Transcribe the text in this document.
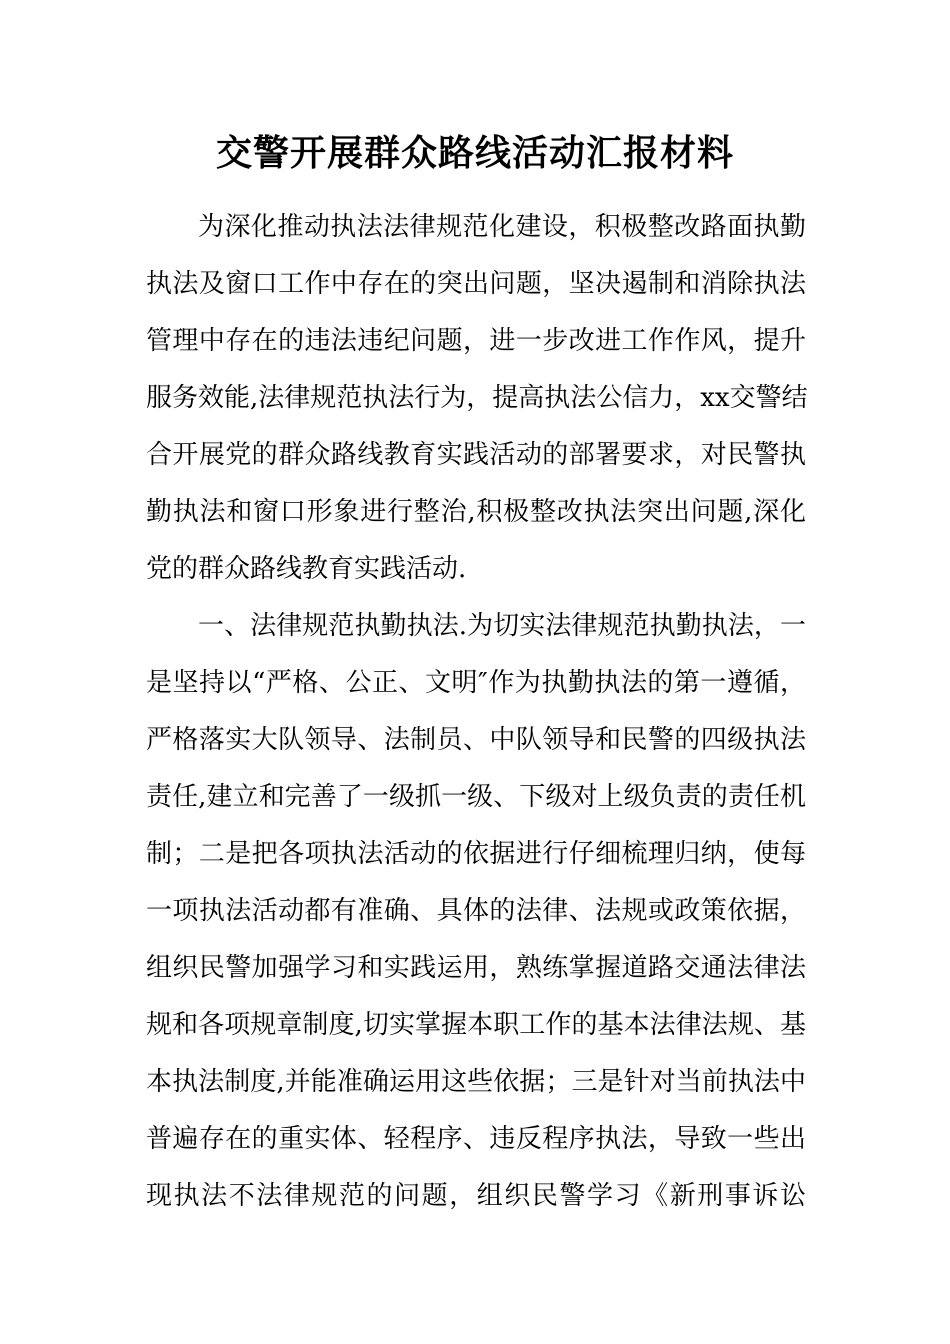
交警开展群众路线活动汇报材料
为深化推动执法法律规范化建设，积极整改路面执勤
执法及窗口工作中存在的突出问题，坚决遏制和消除执法
管理中存在的违法违纪问题，进一步改进工作作风，提升
服务效能,法律规范执法行为，提高执法公信力，xx交警结
合开展党的群众路线教育实践活动的部署要求，对民警执
勤执法和窗口形象进行整治,积极整改执法突出问题,深化
党的群众路线教育实践活动.
一、法律规范执勤执法.为切实法律规范执勤执法，一
是坚持以“严格、公正、文明″作为执勤执法的第一遵循，
严格落实大队领导、法制员、中队领导和民警的四级执法
责任,建立和完善了一级抓一级、下级对上级负责的责任机
制；二是把各项执法活动的依据进行仔细梳理归纳，使每
一项执法活动都有准确、具体的法律、法规或政策依据，
组织民警加强学习和实践运用，熟练掌握道路交通法律法
规和各项规章制度,切实掌握本职工作的基本法律法规、基
本执法制度,并能准确运用这些依据；三是针对当前执法中
普遍存在的重实体、轻程序、违反程序执法，导致一些出
现执法不法律规范的问题，组织民警学习《新刑事诉讼
